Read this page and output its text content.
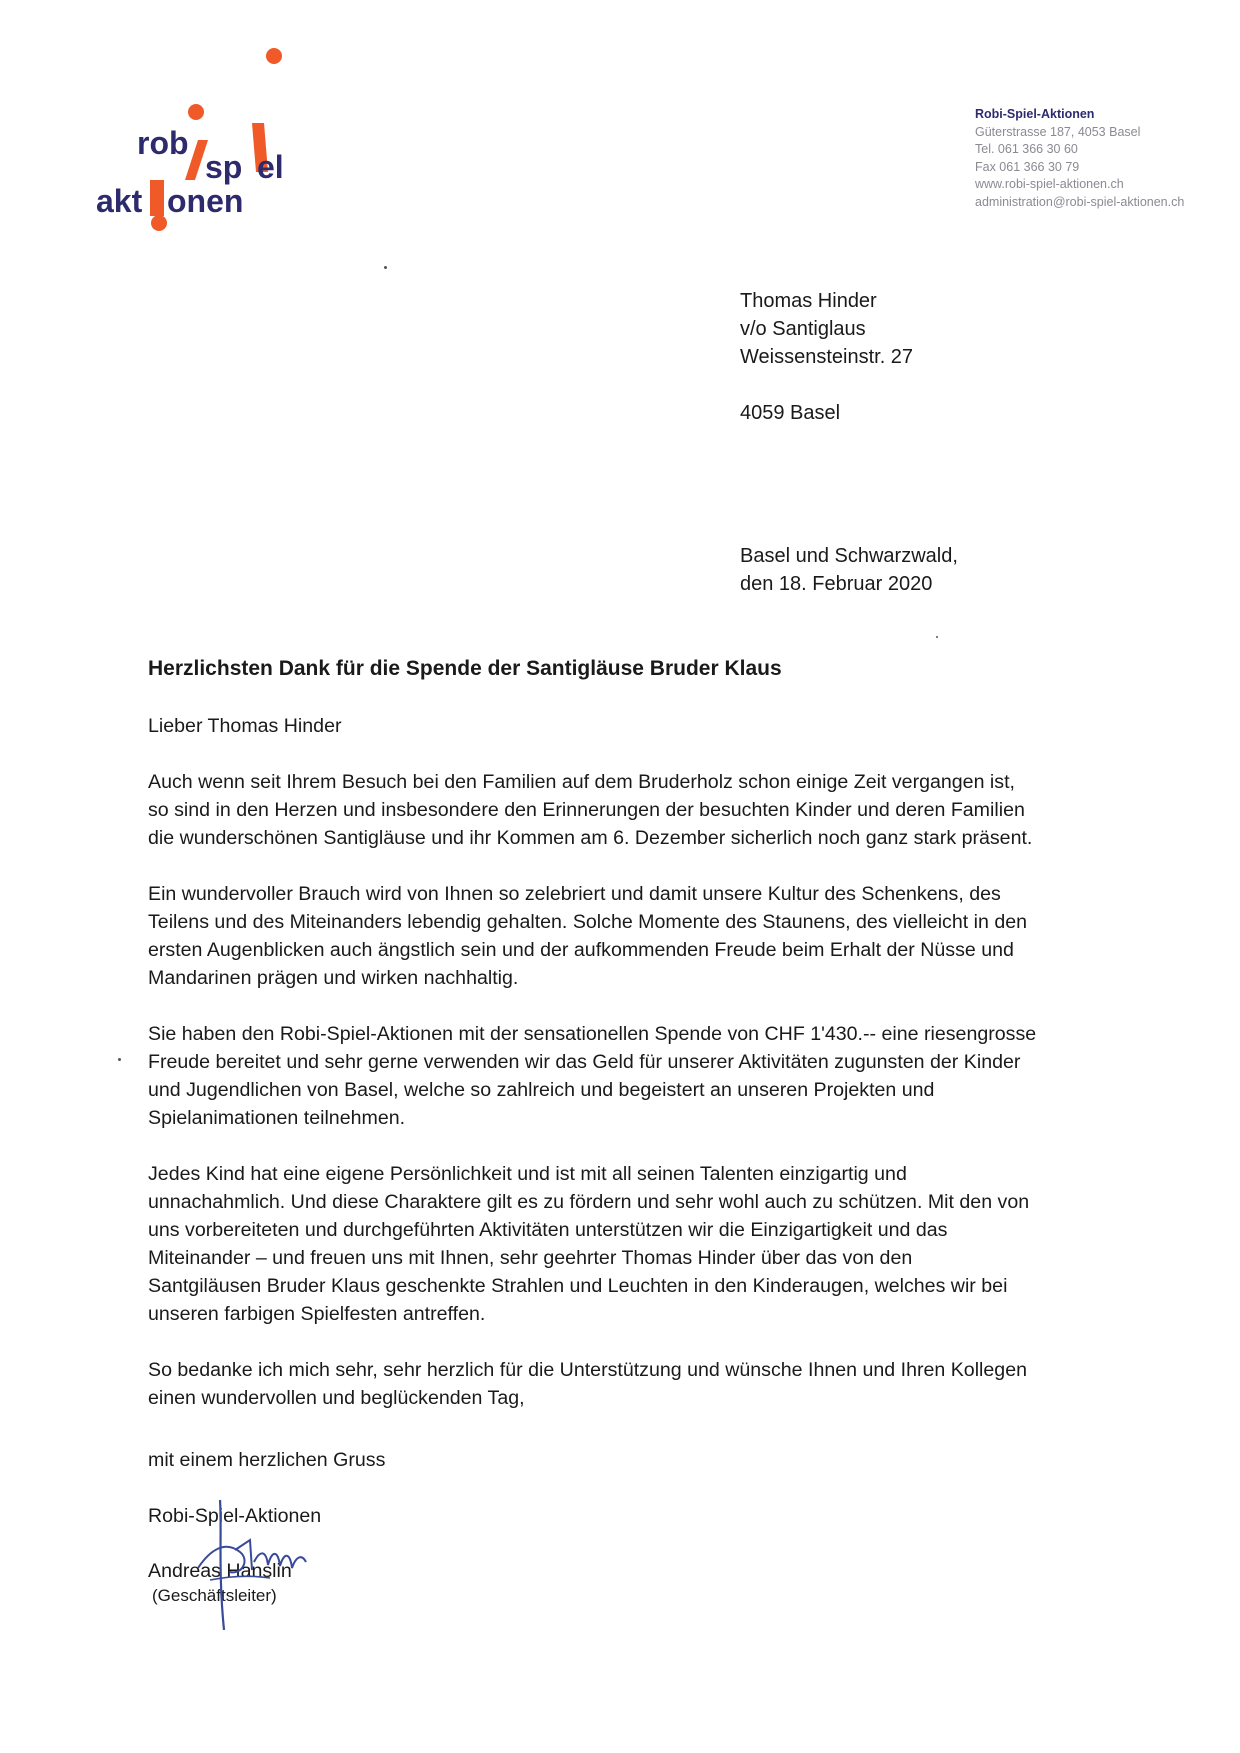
rob
sp el
akt onen
Robi-Spiel-Aktionen
Güterstrasse 187, 4053 Basel
Tel. 061 366 30 60
Fax 061 366 30 79
www.robi-spiel-aktionen.ch
administration@robi-spiel-aktionen.ch
Thomas Hinder
v/o Santiglaus
Weissensteinstr. 27
4059 Basel
Basel und Schwarzwald,
den 18. Februar 2020
Herzlichsten Dank für die Spende der Santigläuse Bruder Klaus

Lieber Thomas Hinder

Auch wenn seit Ihrem Besuch bei den Familien auf dem Bruderholz schon einige Zeit vergangen ist,
so sind in den Herzen und insbesondere den Erinnerungen der besuchten Kinder und deren Familien
die wunderschönen Santigläuse und ihr Kommen am 6. Dezember sicherlich noch ganz stark präsent.

Ein wundervoller Brauch wird von Ihnen so zelebriert und damit unsere Kultur des Schenkens, des
Teilens und des Miteinanders lebendig gehalten. Solche Momente des Staunens, des vielleicht in den
ersten Augenblicken auch ängstlich sein und der aufkommenden Freude beim Erhalt der Nüsse und
Mandarinen prägen und wirken nachhaltig.

Sie haben den Robi-Spiel-Aktionen mit der sensationellen Spende von CHF 1'430.-- eine riesengrosse
Freude bereitet und sehr gerne verwenden wir das Geld für unserer Aktivitäten zugunsten der Kinder
und Jugendlichen von Basel, welche so zahlreich und begeistert an unseren Projekten und
Spielanimationen teilnehmen.

Jedes Kind hat eine eigene Persönlichkeit und ist mit all seinen Talenten einzigartig und
unnachahmlich. Und diese Charaktere gilt es zu fördern und sehr wohl auch zu schützen. Mit den von
uns vorbereiteten und durchgeführten Aktivitäten unterstützen wir die Einzigartigkeit und das
Miteinander – und freuen uns mit Ihnen, sehr geehrter Thomas Hinder über das von den
Santgiläusen Bruder Klaus geschenkte Strahlen und Leuchten in den Kinderaugen, welches wir bei
unseren farbigen Spielfesten antreffen.

So bedanke ich mich sehr, sehr herzlich für die Unterstützung und wünsche Ihnen und Ihren Kollegen
einen wundervollen und beglückenden Tag,

mit einem herzlichen Gruss
Robi-Spiel-Aktionen
Andreas Hanslin
(Geschäftsleiter)
